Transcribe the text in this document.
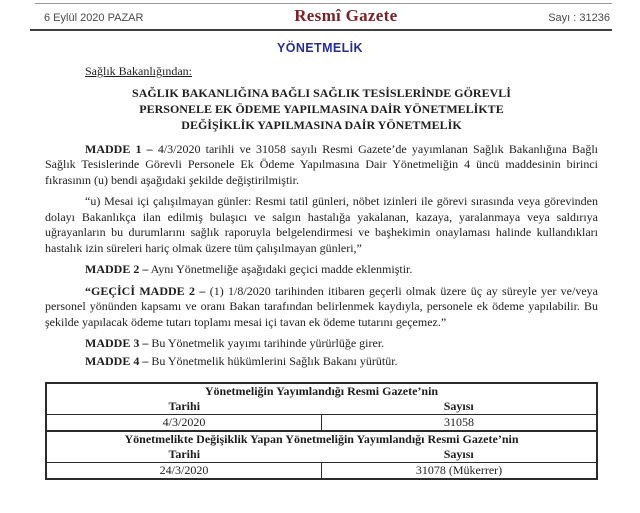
6 Eylül 2020 PAZAR	Resmî Gazete	Sayı : 31236
YÖNETMELİK
Sağlık Bakanlığından:
SAĞLIK BAKANLIĞINA BAĞLI SAĞLIK TESİSLERİNDE GÖREVLİ
PERSONELE EK ÖDEME YAPILMASINA DAİR YÖNETMELİKTE
DEĞİŞİKLİK YAPILMASINA DAİR YÖNETMELİK

MADDE 1 – 4/3/2020 tarihli ve 31058 sayılı Resmi Gazete’de yayımlanan Sağlık Bakanlığına Bağlı Sağlık Tesislerinde Görevli Personele Ek Ödeme Yapılmasına Dair Yönetmeliğin 4 üncü maddesinin birinci fıkrasının (u) bendi aşağıdaki şekilde değiştirilmiştir.

“u) Mesai içi çalışılmayan günler: Resmi tatil günleri, nöbet izinleri ile görevi sırasında veya görevinden dolayı Bakanlıkça ilan edilmiş bulaşıcı ve salgın hastalığa yakalanan, kazaya, yaralanmaya veya saldırıya uğrayanların bu durumlarını sağlık raporuyla belgelendirmesi ve başhekimin onaylaması halinde kullandıkları hastalık izin süreleri hariç olmak üzere tüm çalışılmayan günleri,”

MADDE 2 – Aynı Yönetmeliğe aşağıdaki geçici madde eklenmiştir.

“GEÇİCİ MADDE 2 – (1) 1/8/2020 tarihinden itibaren geçerli olmak üzere üç ay süreyle yer ve/veya personel yönünden kapsamı ve oranı Bakan tarafından belirlenmek kaydıyla, personele ek ödeme yapılabilir. Bu şekilde yapılacak ödeme tutarı toplamı mesai içi tavan ek ödeme tutarını geçemez.”

MADDE 3 – Bu Yönetmelik yayımı tarihinde yürürlüğe girer.

MADDE 4 – Bu Yönetmelik hükümlerini Sağlık Bakanı yürütür.

Yönetmeliğin Yayımlandığı Resmi Gazete’nin	
Tarihi	Sayısı
4/3/2020	31058
Yönetmelikte Değişiklik Yapan Yönetmeliğin Yayımlandığı Resmi Gazete’nin	
Tarihi	Sayısı
24/3/2020	31078 (Mükerrer)
